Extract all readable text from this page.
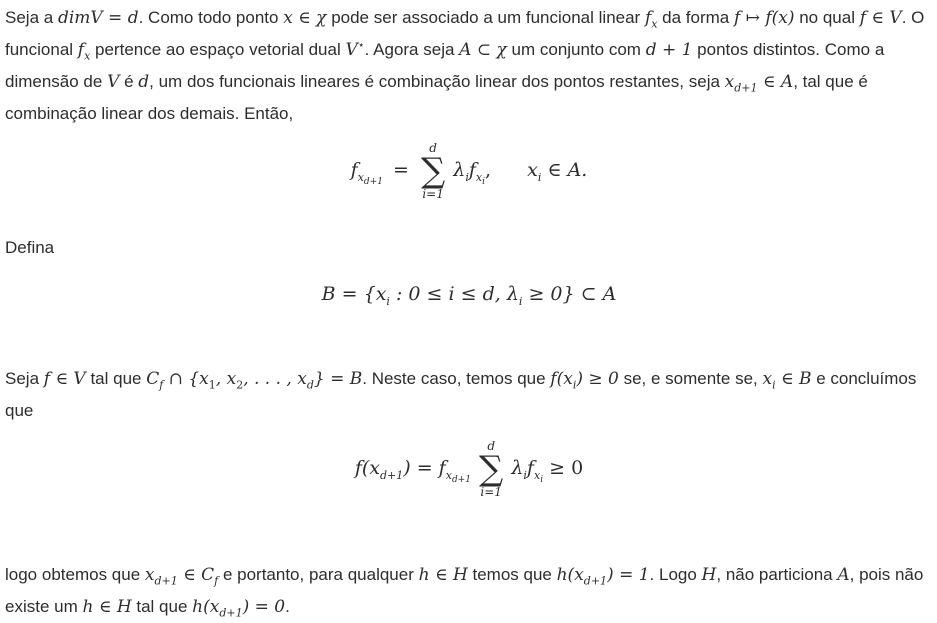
Seja a dimV = d. Como todo ponto x ∈ χ pode ser associado a um funcional linear $f_x$ da forma f ↦ f(x) no qual f ∈ V. O funcional $f_x$ pertence ao espaço vetorial dual V⋆. Agora seja A ⊂ χ um conjunto com d + 1 pontos distintos. Como a dimensão de V é d, um dos funcionais lineares é combinação linear dos pontos restantes, seja $x_{d+1}$ ∈ A, tal que é combinação linear dos demais. Então,

$f_{x_{d+1}}$ =
d
∑
i=1
$\lambda_if_{x_i}$, $x_i$ ∈ A.

Defina

$B = \{x_i$ : 0 ≤ i ≤ d, $\lambda_i \ge 0$} ⊂ A

Seja f ∈ V tal que $C_f$ ∩ {$x_1$, $x_2$, . . . , $x_d\} = B$. Neste caso, temos que $f(x_i) \ge 0$ se, e somente se, $x_i$ ∈ B e concluímos que

$f(x_{d+1}) = f_{x_{d+1}}$
d
∑
i=1
$\lambda_if_{x_i} \ge 0$

logo obtemos que $x_{d+1}$ ∈ $C_f$ e portanto, para qualquer h ∈ H temos que $h(x_{d+1}) = 1$. Logo H, não particiona A, pois não existe um h ∈ H tal que $h(x_{d+1}) = 0$.
